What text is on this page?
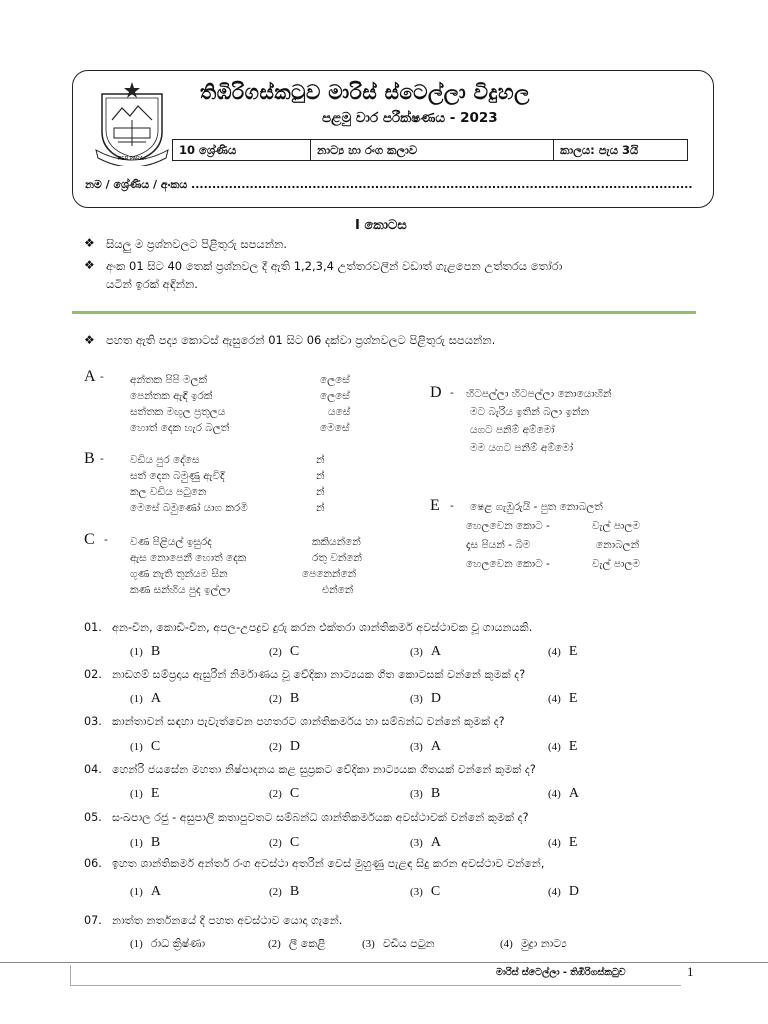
PER PARA..
තිඹිරිගස්කටුව මාරිස් ස්ටෙල්ලා විදුහල
පළමු වාර පරීක්ෂණය - 2023
10 ශ්‍රේණිය	නාට්‍ය හා රංග කලාව	කාලය: පැය 3යි
නම / ශ්‍රේණිය / අංකය ........................................................................................................................
I කොටස
❖ සියලු ම ප්‍රශ්නවලට පිළිතුරු සපයන්න.
❖ අංක 01 සිට 40 තෙක් ප්‍රශ්නවල දී ඇති 1,2,3,4 උත්තරවලින් වඩාත් ගැළපෙන උත්තරය තෝරා
යටින් ඉරක් අඳින්න.
❖ පහත ඇති පද්‍ය කොටස් ඇසුරෙන් 01 සිට 06 දක්වා ප්‍රශ්නවලට පිළිතුරු සපයන්න.
A - අන්තක පිපි මලක්	ලෙසේ
පෙන්තක ඇඳි ඉරක්	ලෙසේ
සත්තක මඟුල ප්‍රතුලය	යසේ
හොත් දෙක හැර බලත්	මෙසේ
B - වඩිය පුර දේසෙ	න්
සත් දෙන බමුණු ඇවිදි	න්
කල වඩිය පටුනෙ	න්
මෙසේ බමුණෝ යාග කරමි	න්
C - වණ පිළියල් ඉසුරද	කකියන්නේ
ඇස නොපෙනී හොත් දෙක	රතු වන්නේ
ගුණ නැති තුන්යම සින	පෙනෙන්නේ
කණ සන්හිය පුද ඉල්ලා	එන්නේ
D - හිටපල්ලා හිටපල්ලා නොයොහින්
මට බැරිය ඉතින් බලා ඉන්න
යගට පනිම් අම්මෝ
මම යගට පනිම් අම්මෝ
E - ෂෙළ ගැඹුරුයි - පුත නොබලත්
හෙලවෙන කොට -	වැල් පාලම
දෑස පියන් - බිම	නොබලන්
හෙලවෙන කොට -	වැල් පාලම
01. අන-වින, කොඩි-වින, අපල-උපද්‍රව දුරු කරන එක්තරා ශාන්තිකර්ම අවස්ථාවක වූ ගායනයකි.
(1) B	(2) C	(3) A	(4) E
02. නාඩගම් සම්ප්‍රදාය ඇසුරින් නිර්මාණය වූ වේදිකා නාට්‍යයක ගීත කොටසක් වන්නේ කුමක් ද?
(1) A	(2) B	(3) D	(4) E
03. කාන්තාවන් සඳහා පැවැත්වෙන පහතරට ශාන්තිකර්මය හා සම්බන්ධ වන්නේ කුමක් ද?
(1) C	(2) D	(3) A	(4) E
04. හෙන්රි ජයසේන මහතා නිෂ්පාදනය කළ සුප්‍රකට වේදිකා නාට්‍යයක ගීතයක් වන්නේ කුමක් ද?
(1) E	(2) C	(3) B	(4) A
05. සංඛපාල රජු - අසුපාලි කතාපුවතට සම්බන්ධ ශාන්තිකර්මයක අවස්ථාවක් වන්නේ කුමක් ද?
(1) B	(2) C	(3) A	(4) E
06. ඉහත ශාන්තිකර්ම අන්තර් රංග අවස්ථා අතරින් වෙස් මුහුණු පැළඳ සිදු කරන අවස්ථාව වන්නේ,
(1) A	(2) B	(3) C	(4) D
07. නාත්ත නර්තනයේ දී පහත අවස්ථාව යොදා ගැනේ.
(1) රාධ ක්‍රිෂ්ණා	(2) ලී කෙළි	(3) වඩිය පටුන	(4) මුද්‍රා නාට්‍ය
මාරිස් ස්ටෙල්ලා - තිඹිරිගස්කටුව	1
